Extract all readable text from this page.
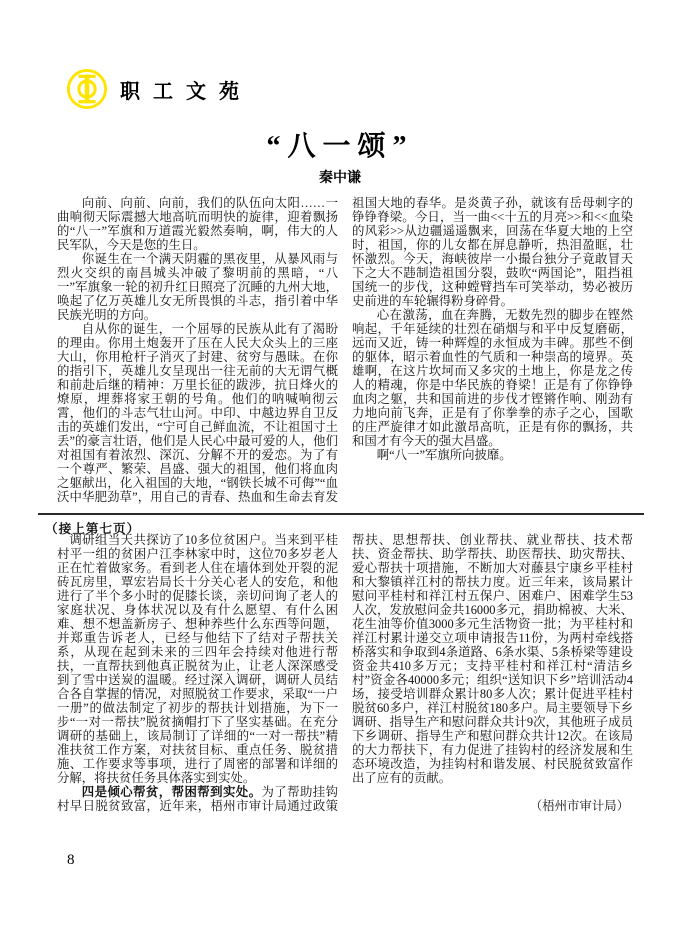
职工文苑
“八一颂”
秦中谦

向前、向前、向前，我们的队伍向太阳……一曲响彻天际震撼大地高吭而明快的旋律，迎着飘扬的“八一”军旗和万道霞光毅然奏响，啊，伟大的人民军队，今天是您的生日。

你诞生在一个满天阴霾的黑夜里，从暴风雨与烈火交织的南昌城头冲破了黎明前的黑暗，“八一”军旗象一轮的初升红日照亮了沉睡的九州大地，唤起了亿万英雄儿女无所畏惧的斗志，指引着中华民族光明的方向。

自从你的诞生，一个屈辱的民族从此有了渴盼的理由。你用土炮轰开了压在人民大众头上的三座大山，你用枪杆子消灭了封建、贫穷与愚昧。在你的指引下，英雄儿女呈现出一往无前的大无谓气概和前赴后继的精神：万里长征的跋涉，抗日烽火的燎原，埋葬将家王朝的号角。他们的呐喊响彻云霄，他们的斗志气壮山河。中印、中越边界自卫反击的英雄们发出，“宁可自己鲜血流，不让祖国寸土丢”的豪言壮语，他们是人民心中最可爱的人，他们对祖国有着浓烈、深沉、分解不开的爱恋。为了有一个尊严、繁荣、昌盛、强大的祖国，他们将血肉之躯献出，化入祖国的大地，“钢铁长城不可侮”“血沃中华肥劲草”，用自己的青春、热血和生命去育发祖国大地的春华。是炎黄子孙，就该有岳母刺字的铮铮脊梁。今日，当一曲<<十五的月亮>>和<<血染的风彩>>从边疆遥遥飘来，回荡在华夏大地的上空时，祖国，你的儿女都在屏息静听，热泪盈眶，壮怀激烈。今天，海峡彼岸一小撮台独分子竟敢冒天下之大不韪制造祖国分裂，鼓吹“两国论”，阻挡祖国统一的步伐，这种螳臂挡车可笑举动，势必被历史前进的车轮辗得粉身碎骨。

心在激荡，血在奔腾，无数先烈的脚步在铿然响起，千年延续的壮烈在硝烟与和平中反复磨砺，远而又近，铸一种辉煌的永恒成为丰碑。那些不倒的躯体，昭示着血性的气质和一种崇高的境界。英雄啊，在这片坎坷而又多灾的土地上，你是龙之传人的精魂，你是中华民族的脊梁！正是有了你铮铮血肉之躯，共和国前进的步伐才铿锵作响、刚劲有力地向前飞奔，正是有了你拳拳的赤子之心，国歌的庄严旋律才如此激昂高吭，正是有你的飘扬，共和国才有今天的强大昌盛。

啊“八一”军旗所向披靡。

（接上第七页）

调研组当天共探访了10多位贫困户。当来到平桂村平一组的贫困户江李林家中时，这位70多岁老人正在忙着做家务。看到老人住在墙体到处开裂的泥砖瓦房里，覃宏岩局长十分关心老人的安危，和他进行了半个多小时的促膝长谈，亲切问询了老人的家庭状况、身体状况以及有什么愿望、有什么困难、想不想盖新房子、想种养些什么东西等问题，并郑重告诉老人，已经与他结下了结对子帮扶关系，从现在起到未来的三四年会持续对他进行帮扶，一直帮扶到他真正脱贫为止，让老人深深感受到了雪中送炭的温暖。经过深入调研，调研人员结合各自掌握的情况，对照脱贫工作要求，采取“一户一册”的做法制定了初步的帮扶计划措施，为下一步“一对一帮扶”脱贫摘帽打下了坚实基础。在充分调研的基础上，该局制订了详细的“一对一帮扶”精准扶贫工作方案，对扶贫目标、重点任务、脱贫措施、工作要求等事项，进行了周密的部署和详细的分解，将扶贫任务具体落实到实处。

四是倾心帮贫，帮困帮到实处。为了帮助挂钩村早日脱贫致富，近年来，梧州市审计局通过政策帮扶、思想帮扶、创业帮扶、就业帮扶、技术帮扶、资金帮扶、助学帮扶、助医帮扶、助灾帮扶、爱心帮扶十项措施，不断加大对藤县宁康乡平桂村和大黎镇祥江村的帮扶力度。近三年来，该局累计慰问平桂村和祥江村五保户、困难户、困难学生53人次，发放慰问金共16000多元，捐助棉被、大米、花生油等价值3000多元生活物资一批；为平桂村和祥江村累计递交立项申请报告11份，为两村牵线搭桥落实和争取到4条道路、6条水渠、5条桥梁等建设资金共410多万元；支持平桂村和祥江村“清洁乡村”资金各40000多元；组织“送知识下乡”培训活动4场，接受培训群众累计80多人次；累计促进平桂村脱贫60多户，祥江村脱贫180多户。局主要领导下乡调研、指导生产和慰问群众共计9次，其他班子成员下乡调研、指导生产和慰问群众共计12次。在该局的大力帮扶下，有力促进了挂钩村的经济发展和生态环境改造，为挂钩村和谐发展、村民脱贫致富作出了应有的贡献。

（梧州市审计局）

8
